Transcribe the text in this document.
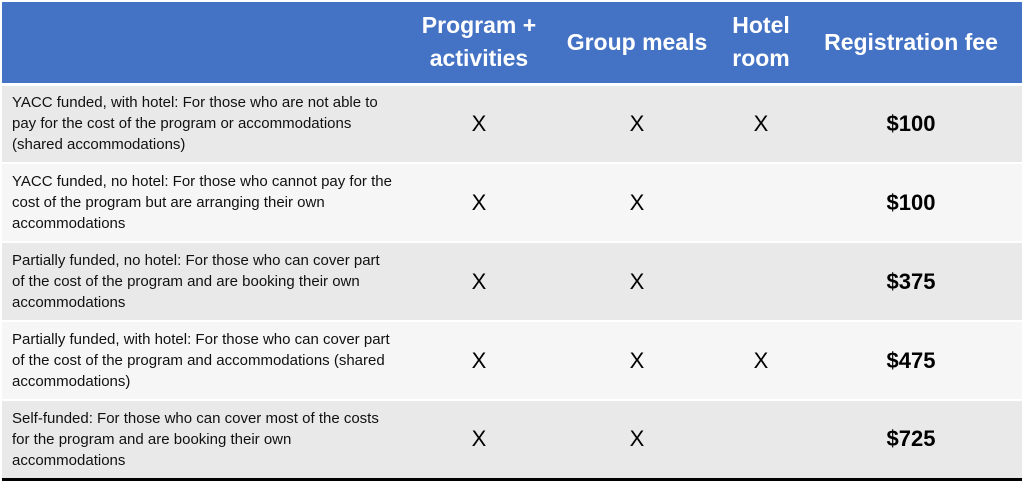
	Program + activities	Group meals	Hotel room	Registration fee
YACC funded, with hotel: For those who are not able to pay for the cost of the program or accommodations (shared accommodations)	X	X	X	$100
YACC funded, no hotel: For those who cannot pay for the cost of the program but are arranging their own accommodations	X	X		$100
Partially funded, no hotel: For those who can cover part of the cost of the program and are booking their own accommodations	X	X		$375
Partially funded, with hotel: For those who can cover part of the cost of the program and accommodations (shared accommodations)	X	X	X	$475
Self-funded: For those who can cover most of the costs for the program and are booking their own accommodations	X	X		$725
